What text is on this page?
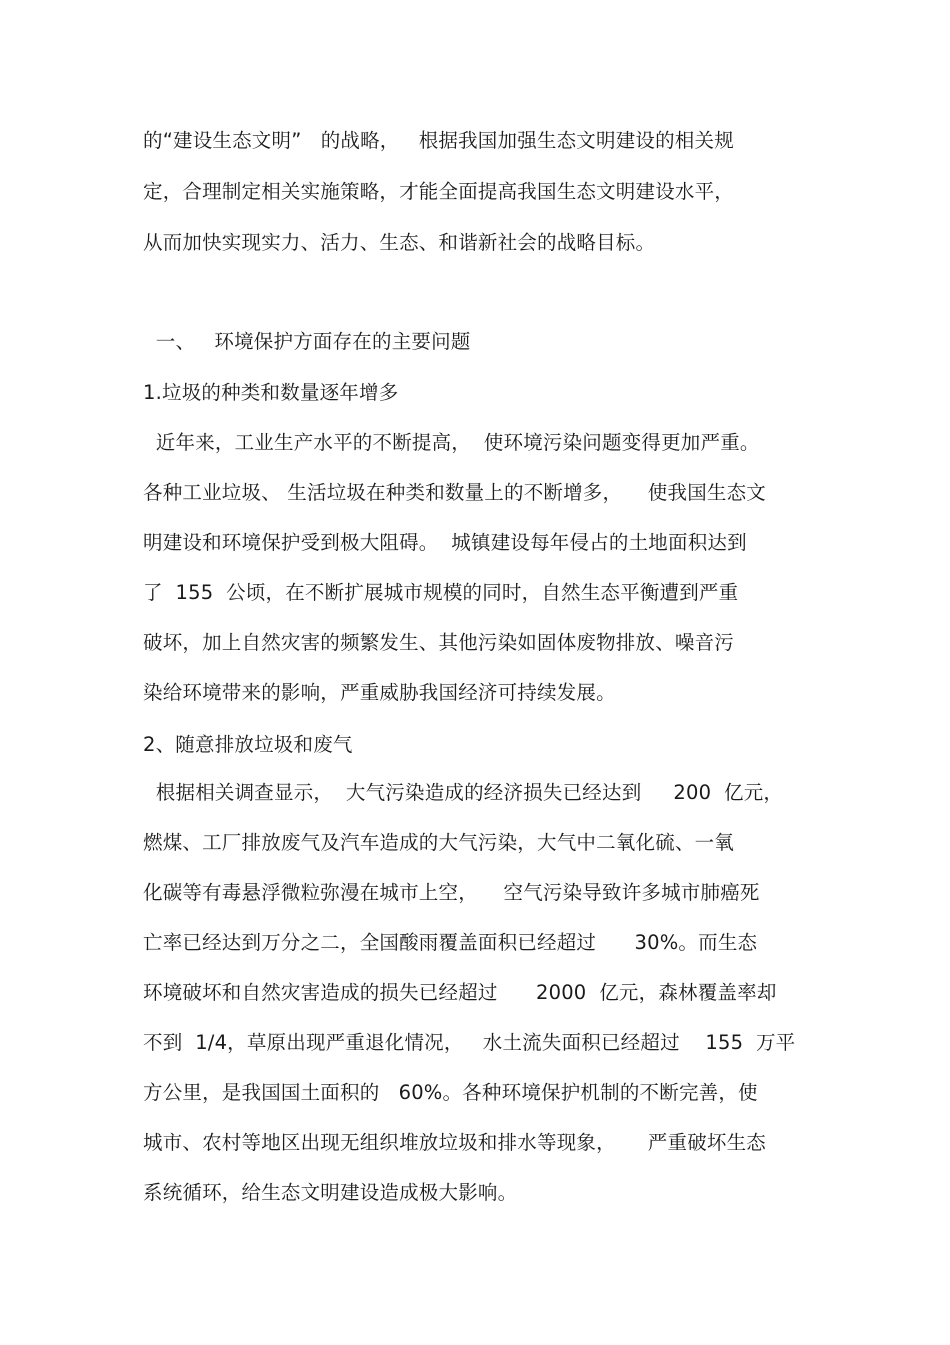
的“建设生态文明”   的战略，   根据我国加强生态文明建设的相关规
定，合理制定相关实施策略，才能全面提高我国生态文明建设水平，
从而加快实现实力、活力、生态、和谐新社会的战略目标。
一、   环境保护方面存在的主要问题
1.垃圾的种类和数量逐年增多
近年来，工业生产水平的不断提高，  使环境污染问题变得更加严重。
各种工业垃圾、 生活垃圾在种类和数量上的不断增多，    使我国生态文
明建设和环境保护受到极大阻碍。  城镇建设每年侵占的土地面积达到
了  155  公顷，在不断扩展城市规模的同时，自然生态平衡遭到严重
破坏，加上自然灾害的频繁发生、其他污染如固体废物排放、噪音污
染给环境带来的影响，严重威胁我国经济可持续发展。
2、随意排放垃圾和废气
根据相关调查显示，  大气污染造成的经济损失已经达到     200  亿元，
燃煤、工厂排放废气及汽车造成的大气污染，大气中二氧化硫、一氧
化碳等有毒悬浮微粒弥漫在城市上空，    空气污染导致许多城市肺癌死
亡率已经达到万分之二，全国酸雨覆盖面积已经超过      30%。而生态
环境破坏和自然灾害造成的损失已经超过      2000  亿元，森林覆盖率却
不到  1/4，草原出现严重退化情况，   水土流失面积已经超过    155  万平
方公里，是我国国土面积的   60%。各种环境保护机制的不断完善，使
城市、农村等地区出现无组织堆放垃圾和排水等现象，     严重破坏生态
系统循环，给生态文明建设造成极大影响。
